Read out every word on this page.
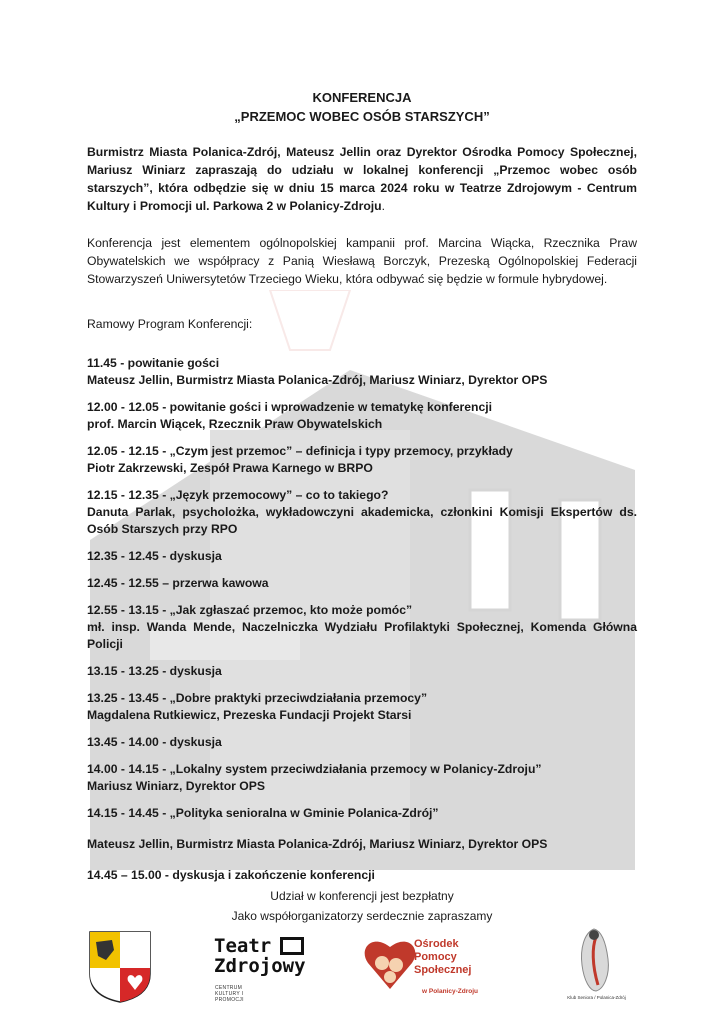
KONFERENCJA
„PRZEMOC WOBEC OSÓB STARSZYCH”
Burmistrz Miasta Polanica-Zdrój, Mateusz Jellin oraz Dyrektor Ośrodka Pomocy Społecznej, Mariusz Winiarz zapraszają do udziału w lokalnej konferencji „Przemoc wobec osób starszych”, która odbędzie się w dniu 15 marca 2024 roku w Teatrze Zdrojowym - Centrum Kultury i Promocji ul. Parkowa 2 w Polanicy-Zdroju.
Konferencja jest elementem ogólnopolskiej kampanii prof. Marcina Wiącka, Rzecznika Praw Obywatelskich we współpracy z Panią Wiesławą Borczyk, Prezeską Ogólnopolskiej Federacji Stowarzyszeń Uniwersytetów Trzeciego Wieku, która odbywać się będzie w formule hybrydowej.
Ramowy Program Konferencji:
11.45 - powitanie gości
Mateusz Jellin, Burmistrz Miasta Polanica-Zdrój, Mariusz Winiarz, Dyrektor OPS
12.00 - 12.05 - powitanie gości i wprowadzenie w tematykę konferencji
prof. Marcin Wiącek, Rzecznik Praw Obywatelskich
12.05 - 12.15 - „Czym jest przemoc” – definicja i typy przemocy, przykłady
Piotr Zakrzewski, Zespół Prawa Karnego w BRPO
12.15 - 12.35 - „Język przemocowy” – co to takiego?
Danuta Parlak, psycholożka, wykładowczyni akademicka, członkini Komisji Ekspertów ds. Osób Starszych przy RPO
12.35 - 12.45 - dyskusja
12.45 - 12.55 – przerwa kawowa
12.55 - 13.15 - „Jak zgłaszać przemoc, kto może pomóc”
mł. insp. Wanda Mende, Naczelniczka Wydziału Profilaktyki Społecznej, Komenda Główna Policji
13.15 - 13.25 - dyskusja
13.25 - 13.45 - „Dobre praktyki przeciwdziałania przemocy”
Magdalena Rutkiewicz, Prezeska Fundacji Projekt Starsi
13.45 - 14.00 - dyskusja
14.00 - 14.15 - „Lokalny system przeciwdziałania przemocy w Polanicy-Zdroju”
Mariusz Winiarz, Dyrektor OPS
14.15 - 14.45 - „Polityka senioralna w Gminie Polanica-Zdrój”
Mateusz Jellin, Burmistrz Miasta Polanica-Zdrój, Mariusz Winiarz, Dyrektor OPS
14.45 – 15.00 - dyskusja i zakończenie konferencji
Udział w konferencji jest bezpłatny
Jako współorganizatorzy serdecznie zapraszamy
Teatr
Zdrojowy
CENTRUM KULTURY I PROMOCJI
Ośrodek
Pomocy
Społecznej
w Polanicy-Zdroju
Klub Seniora / Polanica-Zdrój
